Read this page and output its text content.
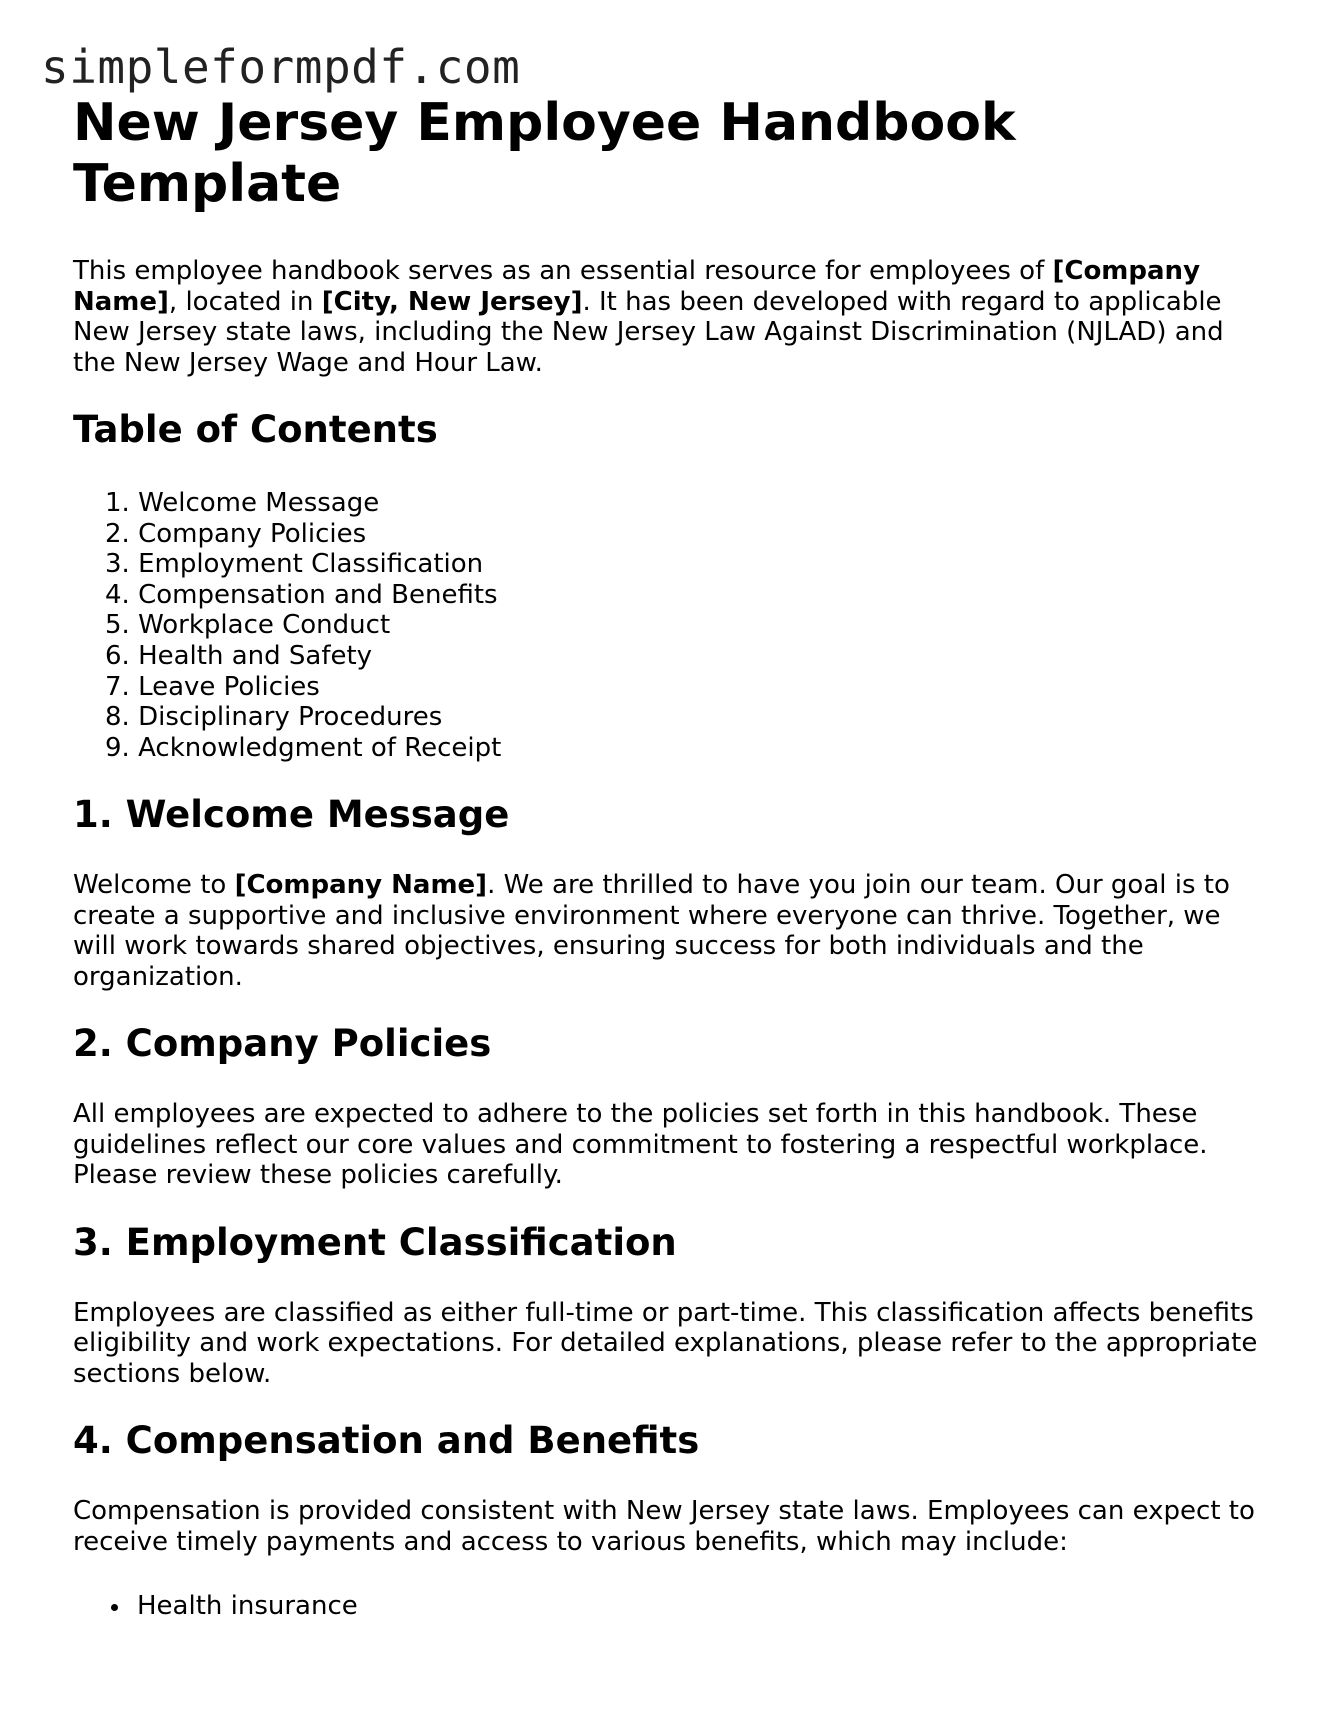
simpleformpdf.com
New Jersey Employee Handbook Template

This employee handbook serves as an essential resource for employees of [Company Name], located in [City, New Jersey]. It has been developed with regard to applicable New Jersey state laws, including the New Jersey Law Against Discrimination (NJLAD) and the New Jersey Wage and Hour Law.

Table of Contents
1. Welcome Message
2. Company Policies
3. Employment Classification
4. Compensation and Benefits
5. Workplace Conduct
6. Health and Safety
7. Leave Policies
8. Disciplinary Procedures
9. Acknowledgment of Receipt
1. Welcome Message

Welcome to [Company Name]. We are thrilled to have you join our team. Our goal is to create a supportive and inclusive environment where everyone can thrive. Together, we will work towards shared objectives, ensuring success for both individuals and the organization.

2. Company Policies

All employees are expected to adhere to the policies set forth in this handbook. These guidelines reflect our core values and commitment to fostering a respectful workplace. Please review these policies carefully.

3. Employment Classification

Employees are classified as either full-time or part-time. This classification affects benefits eligibility and work expectations. For detailed explanations, please refer to the appropriate sections below.

4. Compensation and Benefits

Compensation is provided consistent with New Jersey state laws. Employees can expect to receive timely payments and access to various benefits, which may include:

Health insurance
